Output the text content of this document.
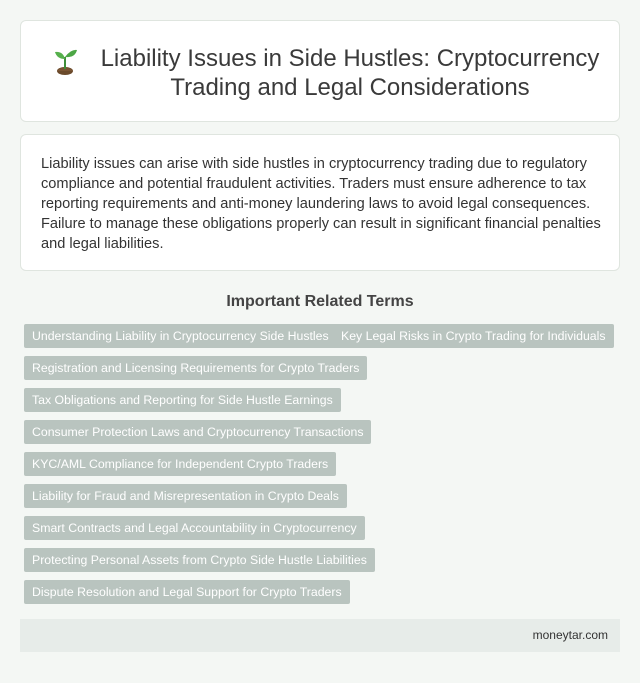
Liability Issues in Side Hustles: Cryptocurrency Trading and Legal Considerations

Liability issues can arise with side hustles in cryptocurrency trading due to regulatory compliance and potential fraudulent activities. Traders must ensure adherence to tax reporting requirements and anti-money laundering laws to avoid legal consequences. Failure to manage these obligations properly can result in significant financial penalties and legal liabilities.

Important Related Terms
Understanding Liability in Cryptocurrency Side Hustles	Key Legal Risks in Crypto Trading for Individuals
Registration and Licensing Requirements for Crypto Traders
Tax Obligations and Reporting for Side Hustle Earnings
Consumer Protection Laws and Cryptocurrency Transactions
KYC/AML Compliance for Independent Crypto Traders
Liability for Fraud and Misrepresentation in Crypto Deals
Smart Contracts and Legal Accountability in Cryptocurrency
Protecting Personal Assets from Crypto Side Hustle Liabilities
Dispute Resolution and Legal Support for Crypto Traders
moneytar.com
